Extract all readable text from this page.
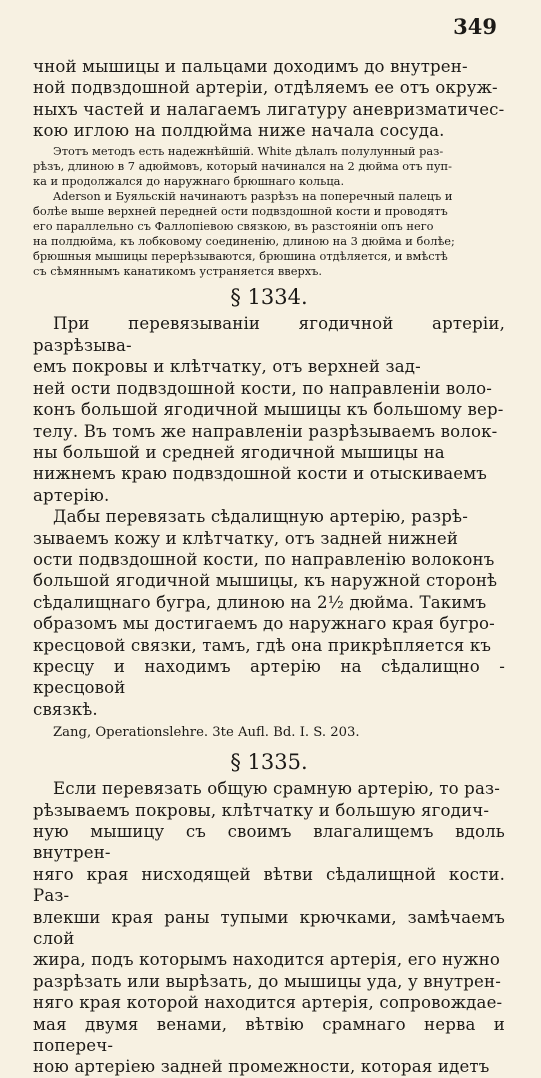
349

чной мышицы и пальцами доходимъ до внутрен-

ной подвздошной артеріи, отдѣляемъ ее отъ окруж-

ныхъ частей и налагаемъ лигатуру аневризматичес-

кою иглою на полдюйма ниже начала сосуда.

Этотъ методъ есть надежнѣйшій. White дѣлалъ полулунный раз-

рѣзъ, длиною в 7 адюймовъ, который начинался на 2 дюйма отъ пуп-

ка и продолжался до наружнаго брюшнаго кольца.

Aderson и Буяльскій начинаютъ разрѣзъ на поперечный палецъ и

болѣе выше верхней передней ости подвздошной кости и проводятъ

его параллельно съ Фаллопіевою связкою, въ разстояніи опъ него

на полдюйма, къ лобковому соединенію, длиною на 3 дюйма и болѣе;

брюшныя мышицы перерѣзываются, брюшина отдѣляется, и вмѣстѣ

съ сѣмяннымъ канатикомъ устраняется вверхъ.

§ 1334.

При перевязываніи ягодичной артеріи, разрѣзыва-

емъ покровы и клѣтчатку, отъ верхней зад-

ней ости подвздошной кости, по направленіи воло-

конъ большой ягодичной мышицы къ большому вер-

телу. Въ томъ же направленіи разрѣзываемъ волок-

ны большой и средней ягодичной мышицы на

нижнемъ краю подвздошной кости и отыскиваемъ

артерію.

Дабы перевязать сѣдалищную артерію, разрѣ-

зываемъ кожу и клѣтчатку, отъ задней нижней

ости подвздошной кости, по направленію волоконъ

большой ягодичной мышицы, къ наружной сторонѣ

сѣдалищнаго бугра, длиною на 2½ дюйма. Такимъ

образомъ мы достигаемъ до наружнаго края бугро-

кресцовой связки, тамъ, гдѣ она прикрѣпляется къ

кресцу и находимъ артерію на сѣдалищно - кресцовой

связкѣ.

Zang, Operationslehre. 3te Aufl. Bd. I. S. 203.

§ 1335.

Если перевязать общую срамную артерію, то раз-

рѣзываемъ покровы, клѣтчатку и большую ягодич-

ную мышицу съ своимъ влагалищемъ вдоль внутрен-

няго края нисходящей вѣтви сѣдалищной кости. Раз-

влекши края раны тупыми крючками, замѣчаемъ слой

жира, подъ которымъ находится артерія, его нужно

разрѣзать или вырѣзать, до мышицы уда, у внутрен-

няго края которой находится артерія, сопровождае-

мая двумя венами, вѣтвію срамнаго нерва и попереч-

ною артеріею задней промежности, которая идетъ
